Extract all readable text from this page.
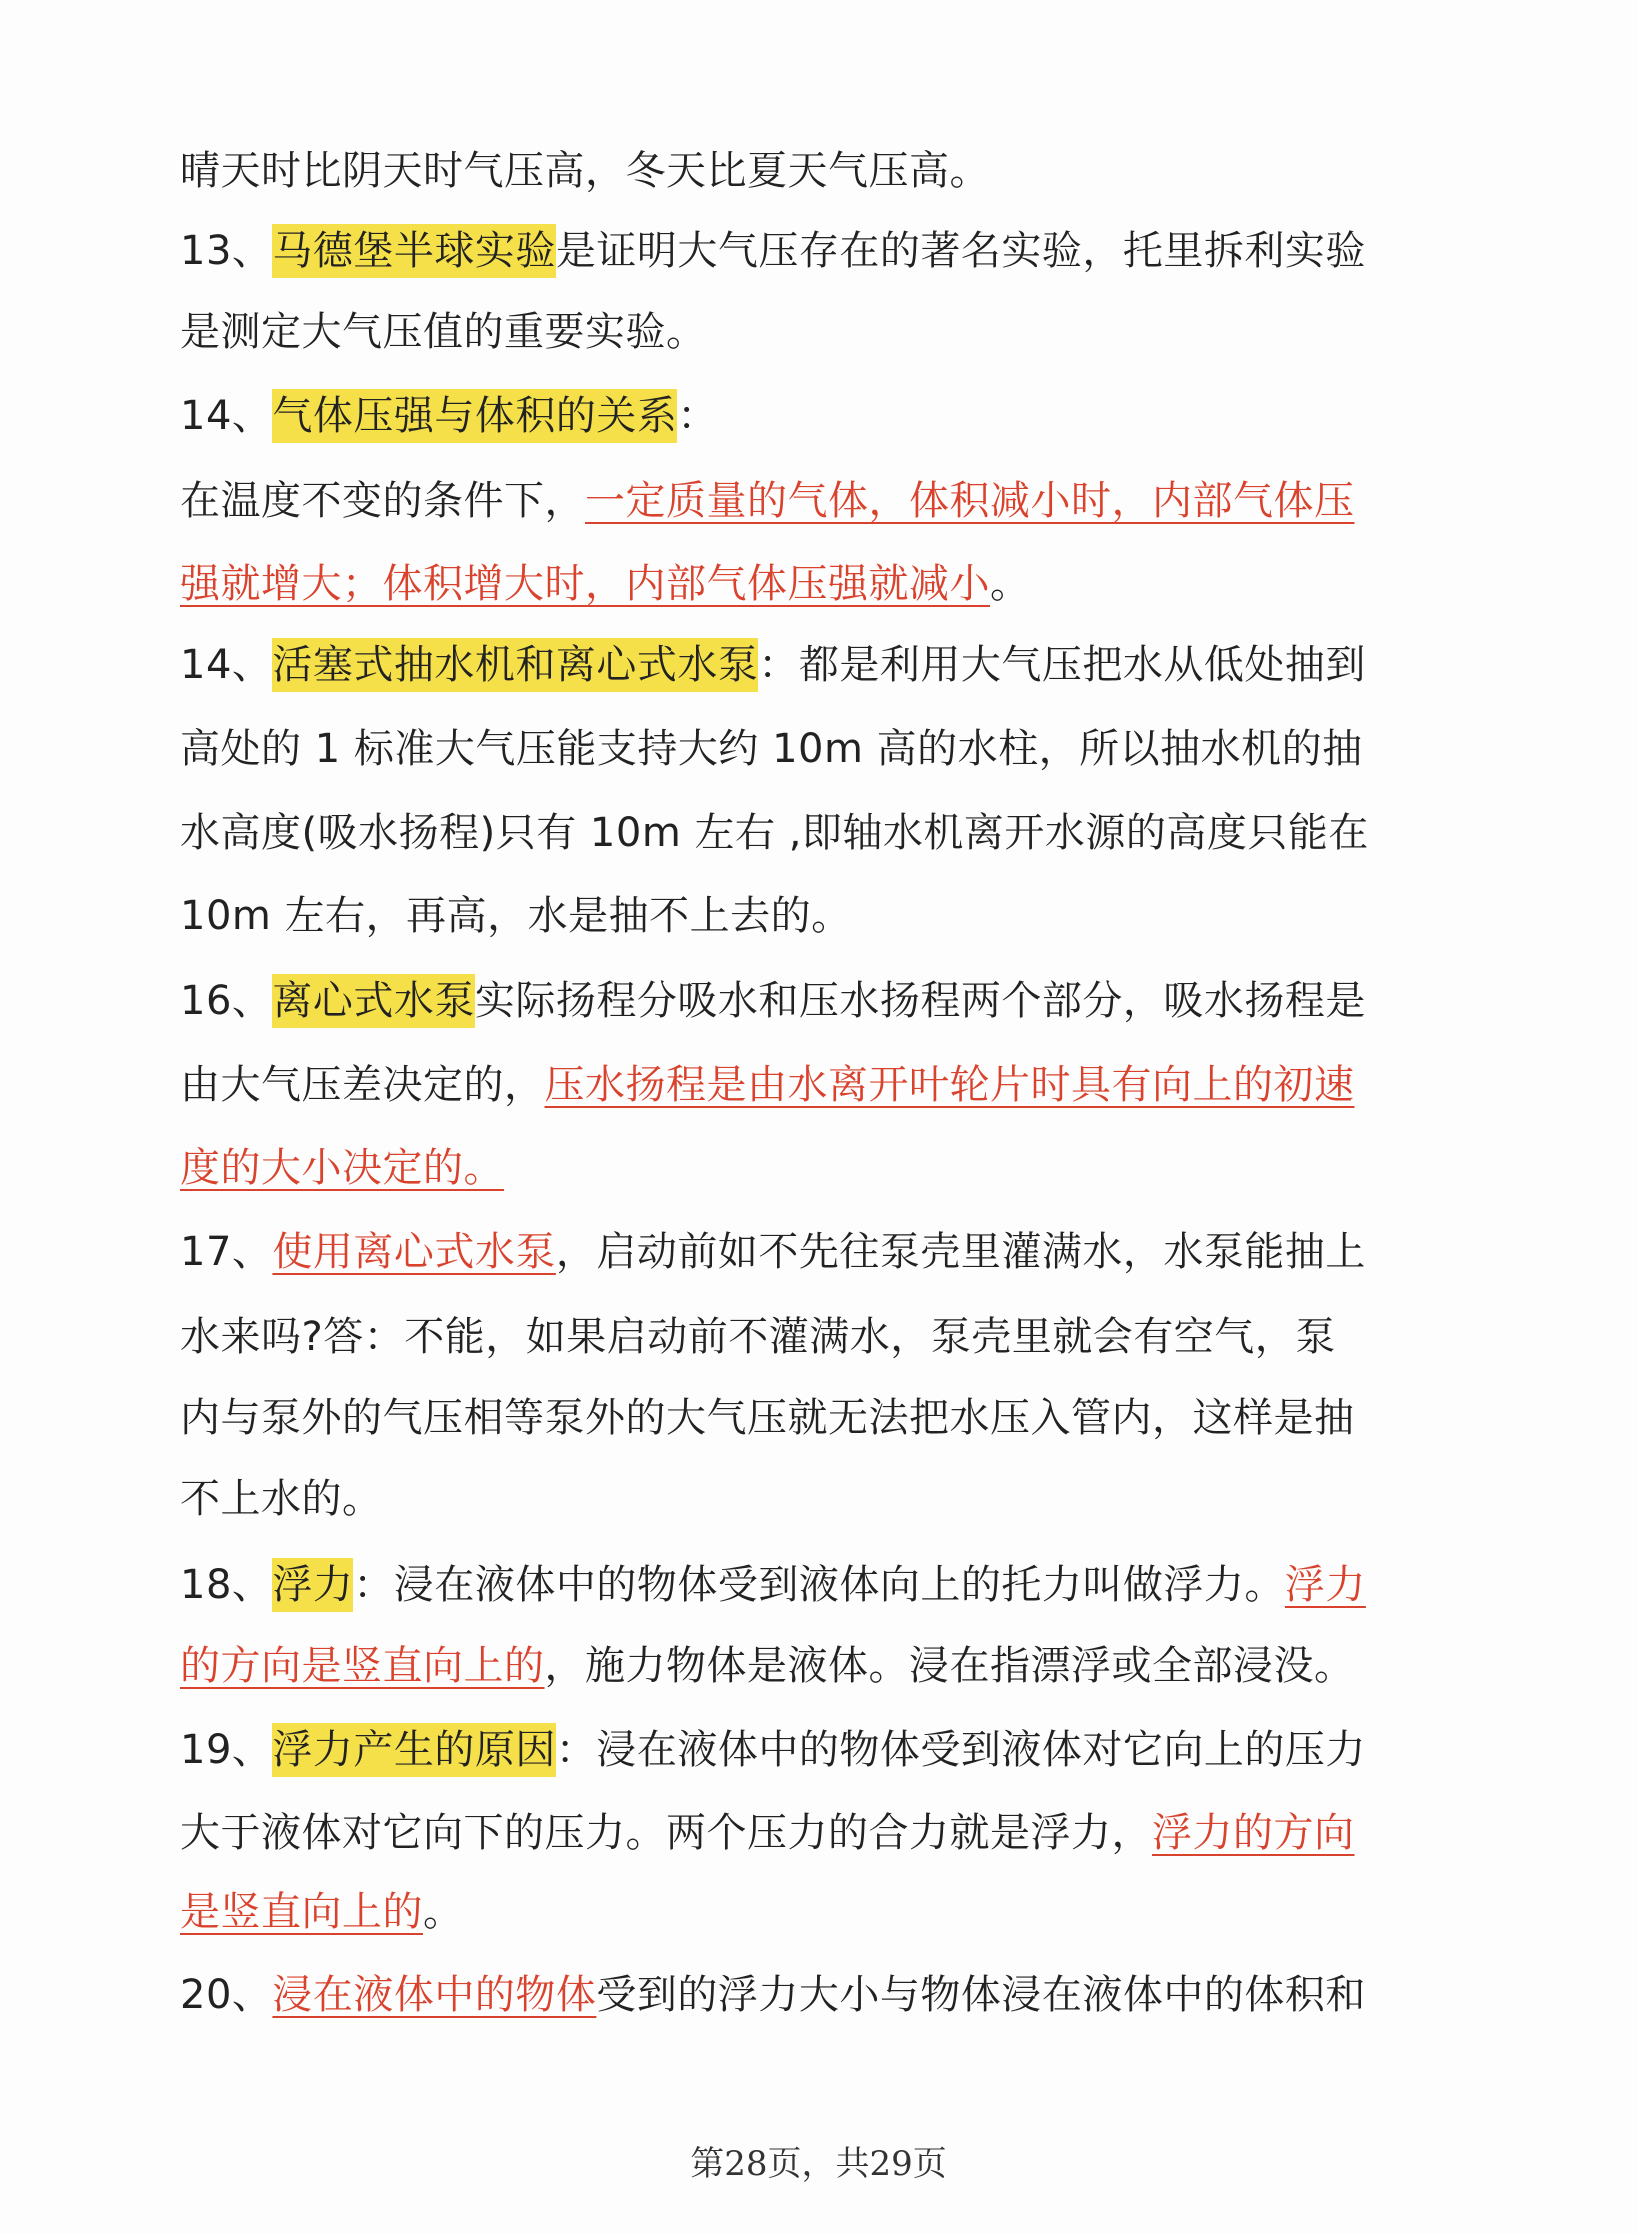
晴天时比阴天时气压高，冬天比夏天气压高。
13、马德堡半球实验是证明大气压存在的著名实验，托里拆利实验
是测定大气压值的重要实验。
14、气体压强与体积的关系：
在温度不变的条件下，一定质量的气体，体积减小时，内部气体压
强就增大；体积增大时，内部气体压强就减小。
14、活塞式抽水机和离心式水泵：都是利用大气压把水从低处抽到
高处的 1 标准大气压能支持大约 10m 高的水柱，所以抽水机的抽
水高度(吸水扬程)只有 10m 左右 ,即轴水机离开水源的高度只能在
10m 左右，再高，水是抽不上去的。
16、离心式水泵实际扬程分吸水和压水扬程两个部分，吸水扬程是
由大气压差决定的，压水扬程是由水离开叶轮片时具有向上的初速
度的大小决定的。
17、使用离心式水泵，启动前如不先往泵壳里灌满水，水泵能抽上
水来吗?答：不能，如果启动前不灌满水，泵壳里就会有空气，泵
内与泵外的气压相等泵外的大气压就无法把水压入管内，这样是抽
不上水的。
18、浮力：浸在液体中的物体受到液体向上的托力叫做浮力。浮力
的方向是竖直向上的，施力物体是液体。浸在指漂浮或全部浸没。
19、浮力产生的原因：浸在液体中的物体受到液体对它向上的压力
大于液体对它向下的压力。两个压力的合力就是浮力，浮力的方向
是竖直向上的。
20、浸在液体中的物体受到的浮力大小与物体浸在液体中的体积和
第28页，共29页
